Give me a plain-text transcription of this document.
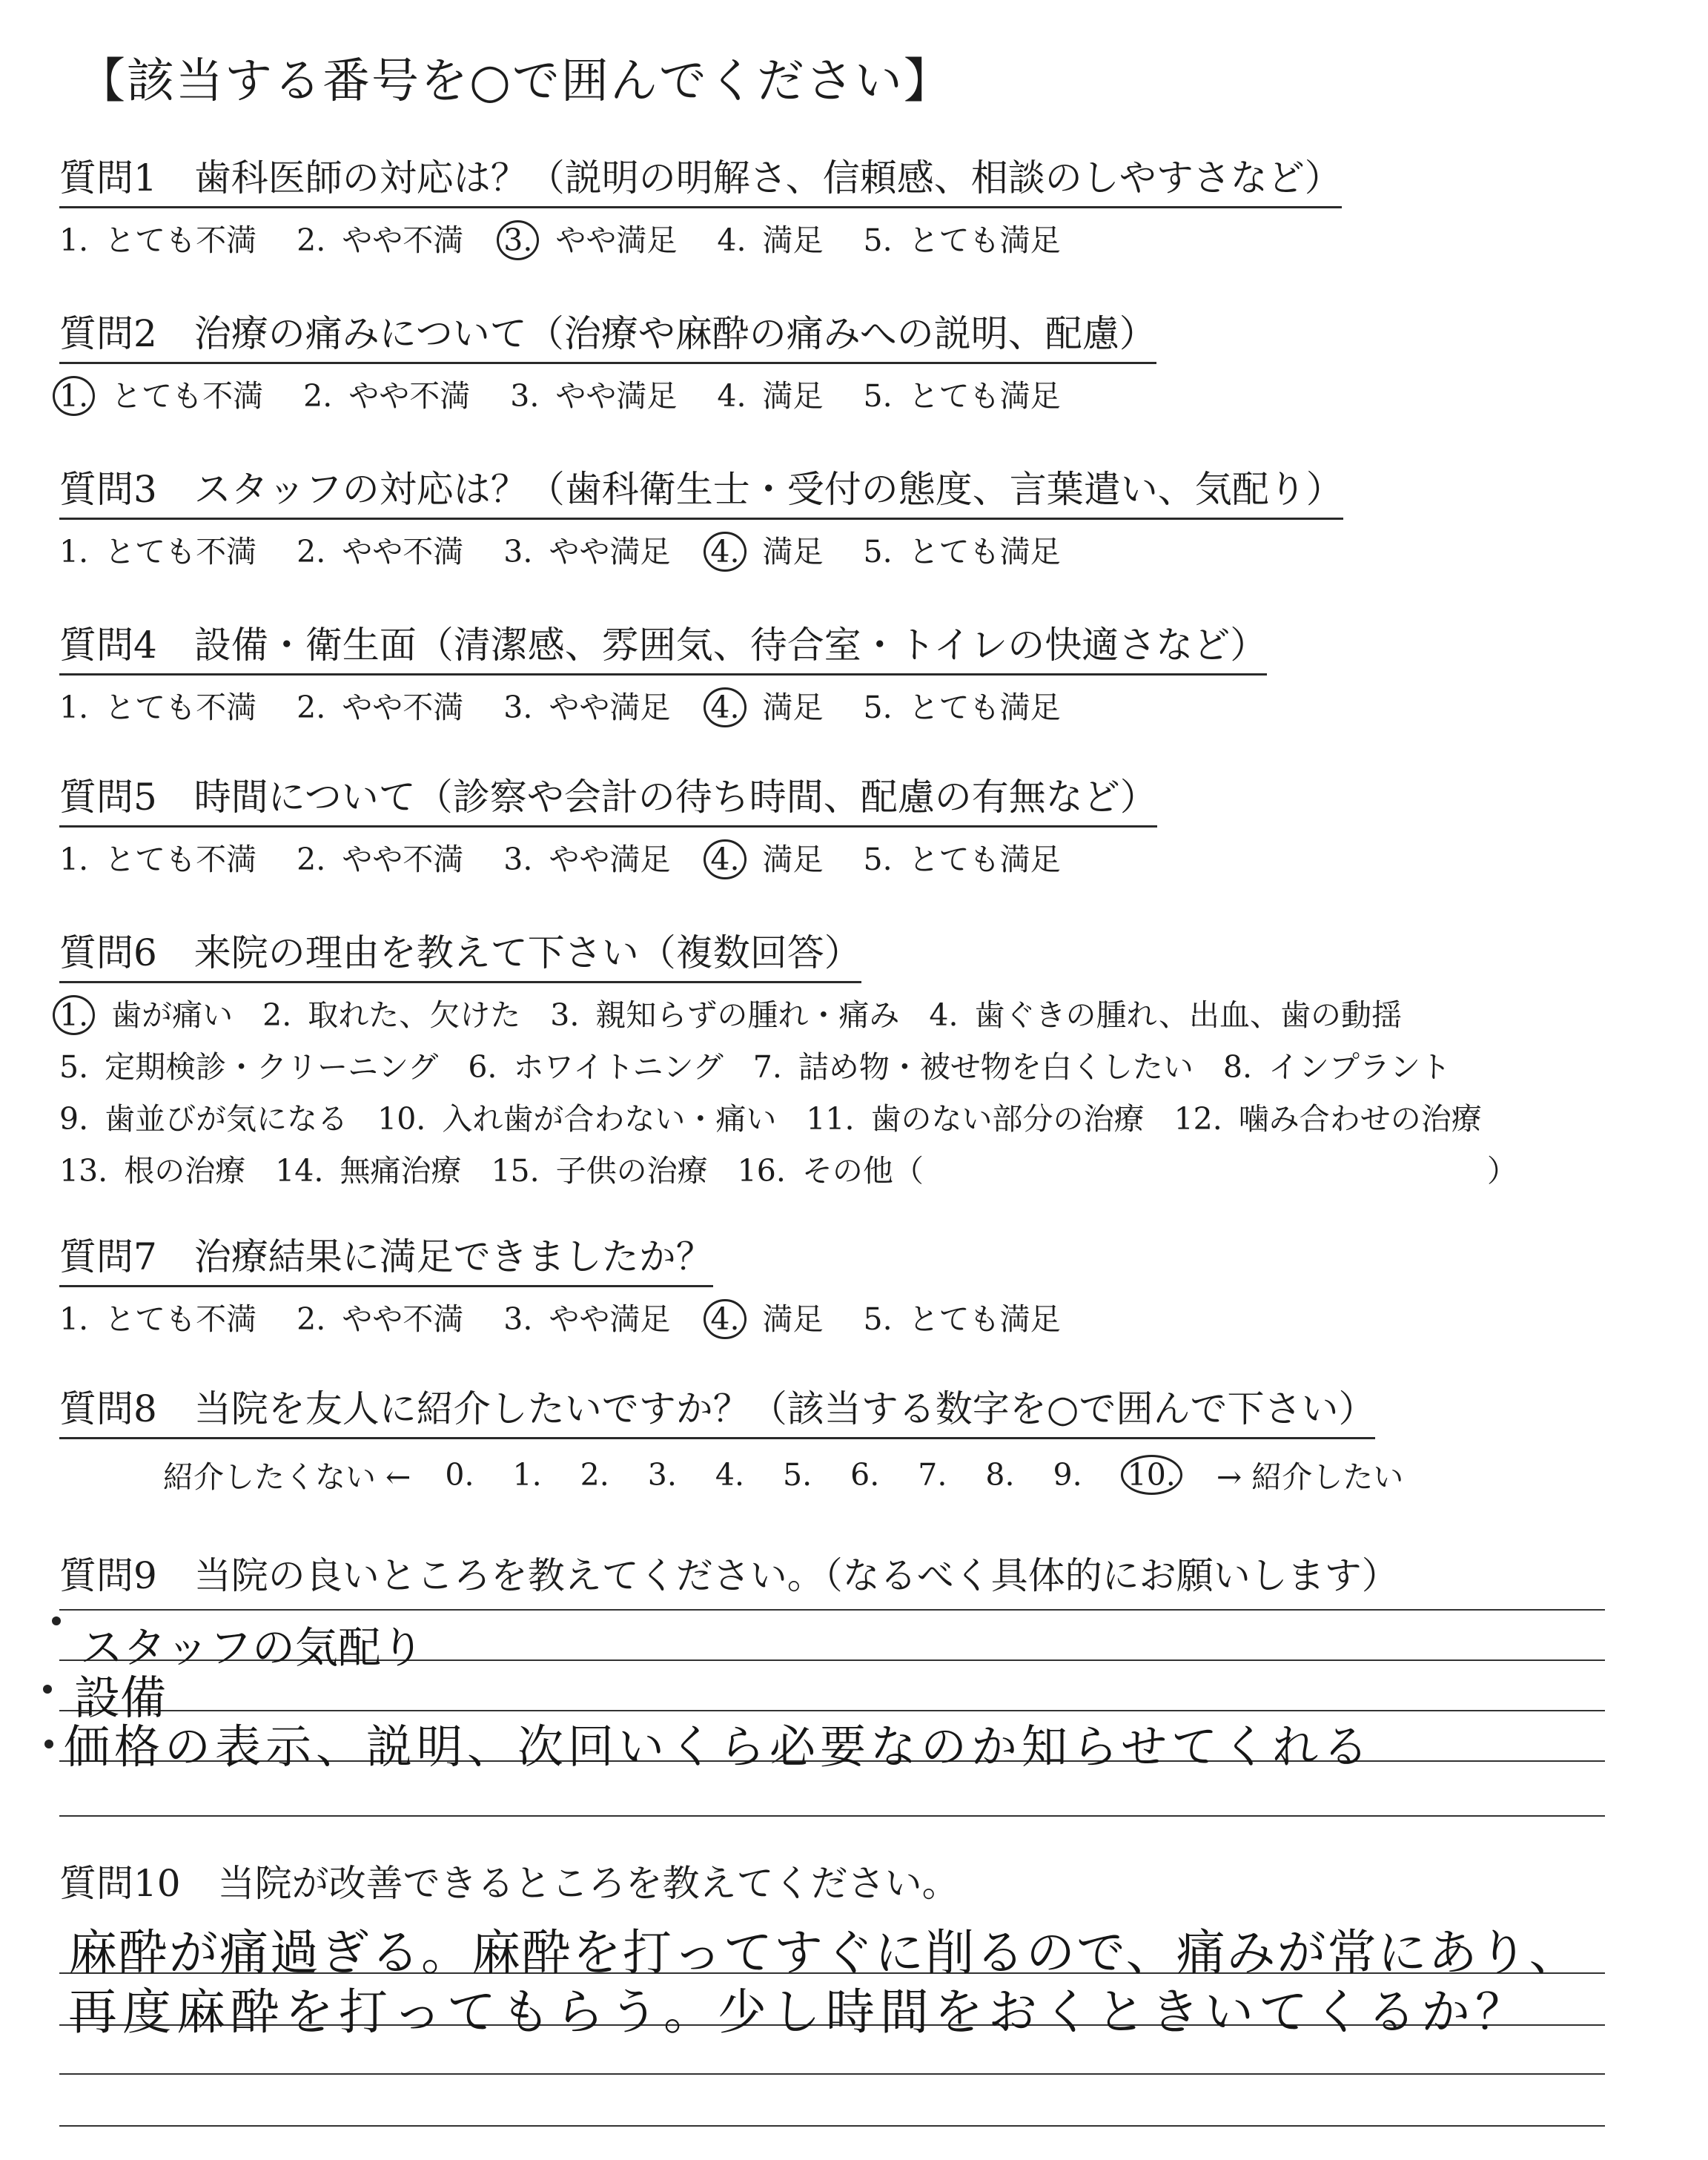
【該当する番号を○で囲んでください】
質問1　歯科医師の対応は？（説明の明解さ、信頼感、相談のしやすさなど）
1. とても不満 2. やや不満 3. やや満足 4. 満足 5. とても満足
質問2　治療の痛みについて（治療や麻酔の痛みへの説明、配慮）
1. とても不満 2. やや不満 3. やや満足 4. 満足 5. とても満足
質問3　スタッフの対応は？（歯科衛生士・受付の態度、言葉遣い、気配り）
1. とても不満 2. やや不満 3. やや満足 4. 満足 5. とても満足
質問4　設備・衛生面（清潔感、雰囲気、待合室・トイレの快適さなど）
1. とても不満 2. やや不満 3. やや満足 4. 満足 5. とても満足
質問5　時間について（診察や会計の待ち時間、配慮の有無など）
1. とても不満 2. やや不満 3. やや満足 4. 満足 5. とても満足
質問6　来院の理由を教えて下さい（複数回答）
1. 歯が痛い 2. 取れた、欠けた 3. 親知らずの腫れ・痛み 4. 歯ぐきの腫れ、出血、歯の動揺
5. 定期検診・クリーニング 6. ホワイトニング 7. 詰め物・被せ物を白くしたい 8. インプラント
9. 歯並びが気になる 10. 入れ歯が合わない・痛い 11. 歯のない部分の治療 12. 噛み合わせの治療
13. 根の治療 14. 無痛治療 15. 子供の治療 16. その他（	）
質問7　治療結果に満足できましたか？
1. とても不満 2. やや不満 3. やや満足 4. 満足 5. とても満足
質問8　当院を友人に紹介したいですか？（該当する数字を○で囲んで下さい）
紹介したくない ←	0. 1. 2. 3. 4. 5. 6. 7. 8. 9. 10.	→ 紹介したい
質問9　当院の良いところを教えてください。（なるべく具体的にお願いします）
スタッフの気配り
設備
価格の表示、説明、次回いくら必要なのか知らせてくれる
質問10　当院が改善できるところを教えてください。
麻酔が痛過ぎる。麻酔を打ってすぐに削るので、痛みが常にあり、
再度麻酔を打ってもらう。少し時間をおくときいてくるか？
